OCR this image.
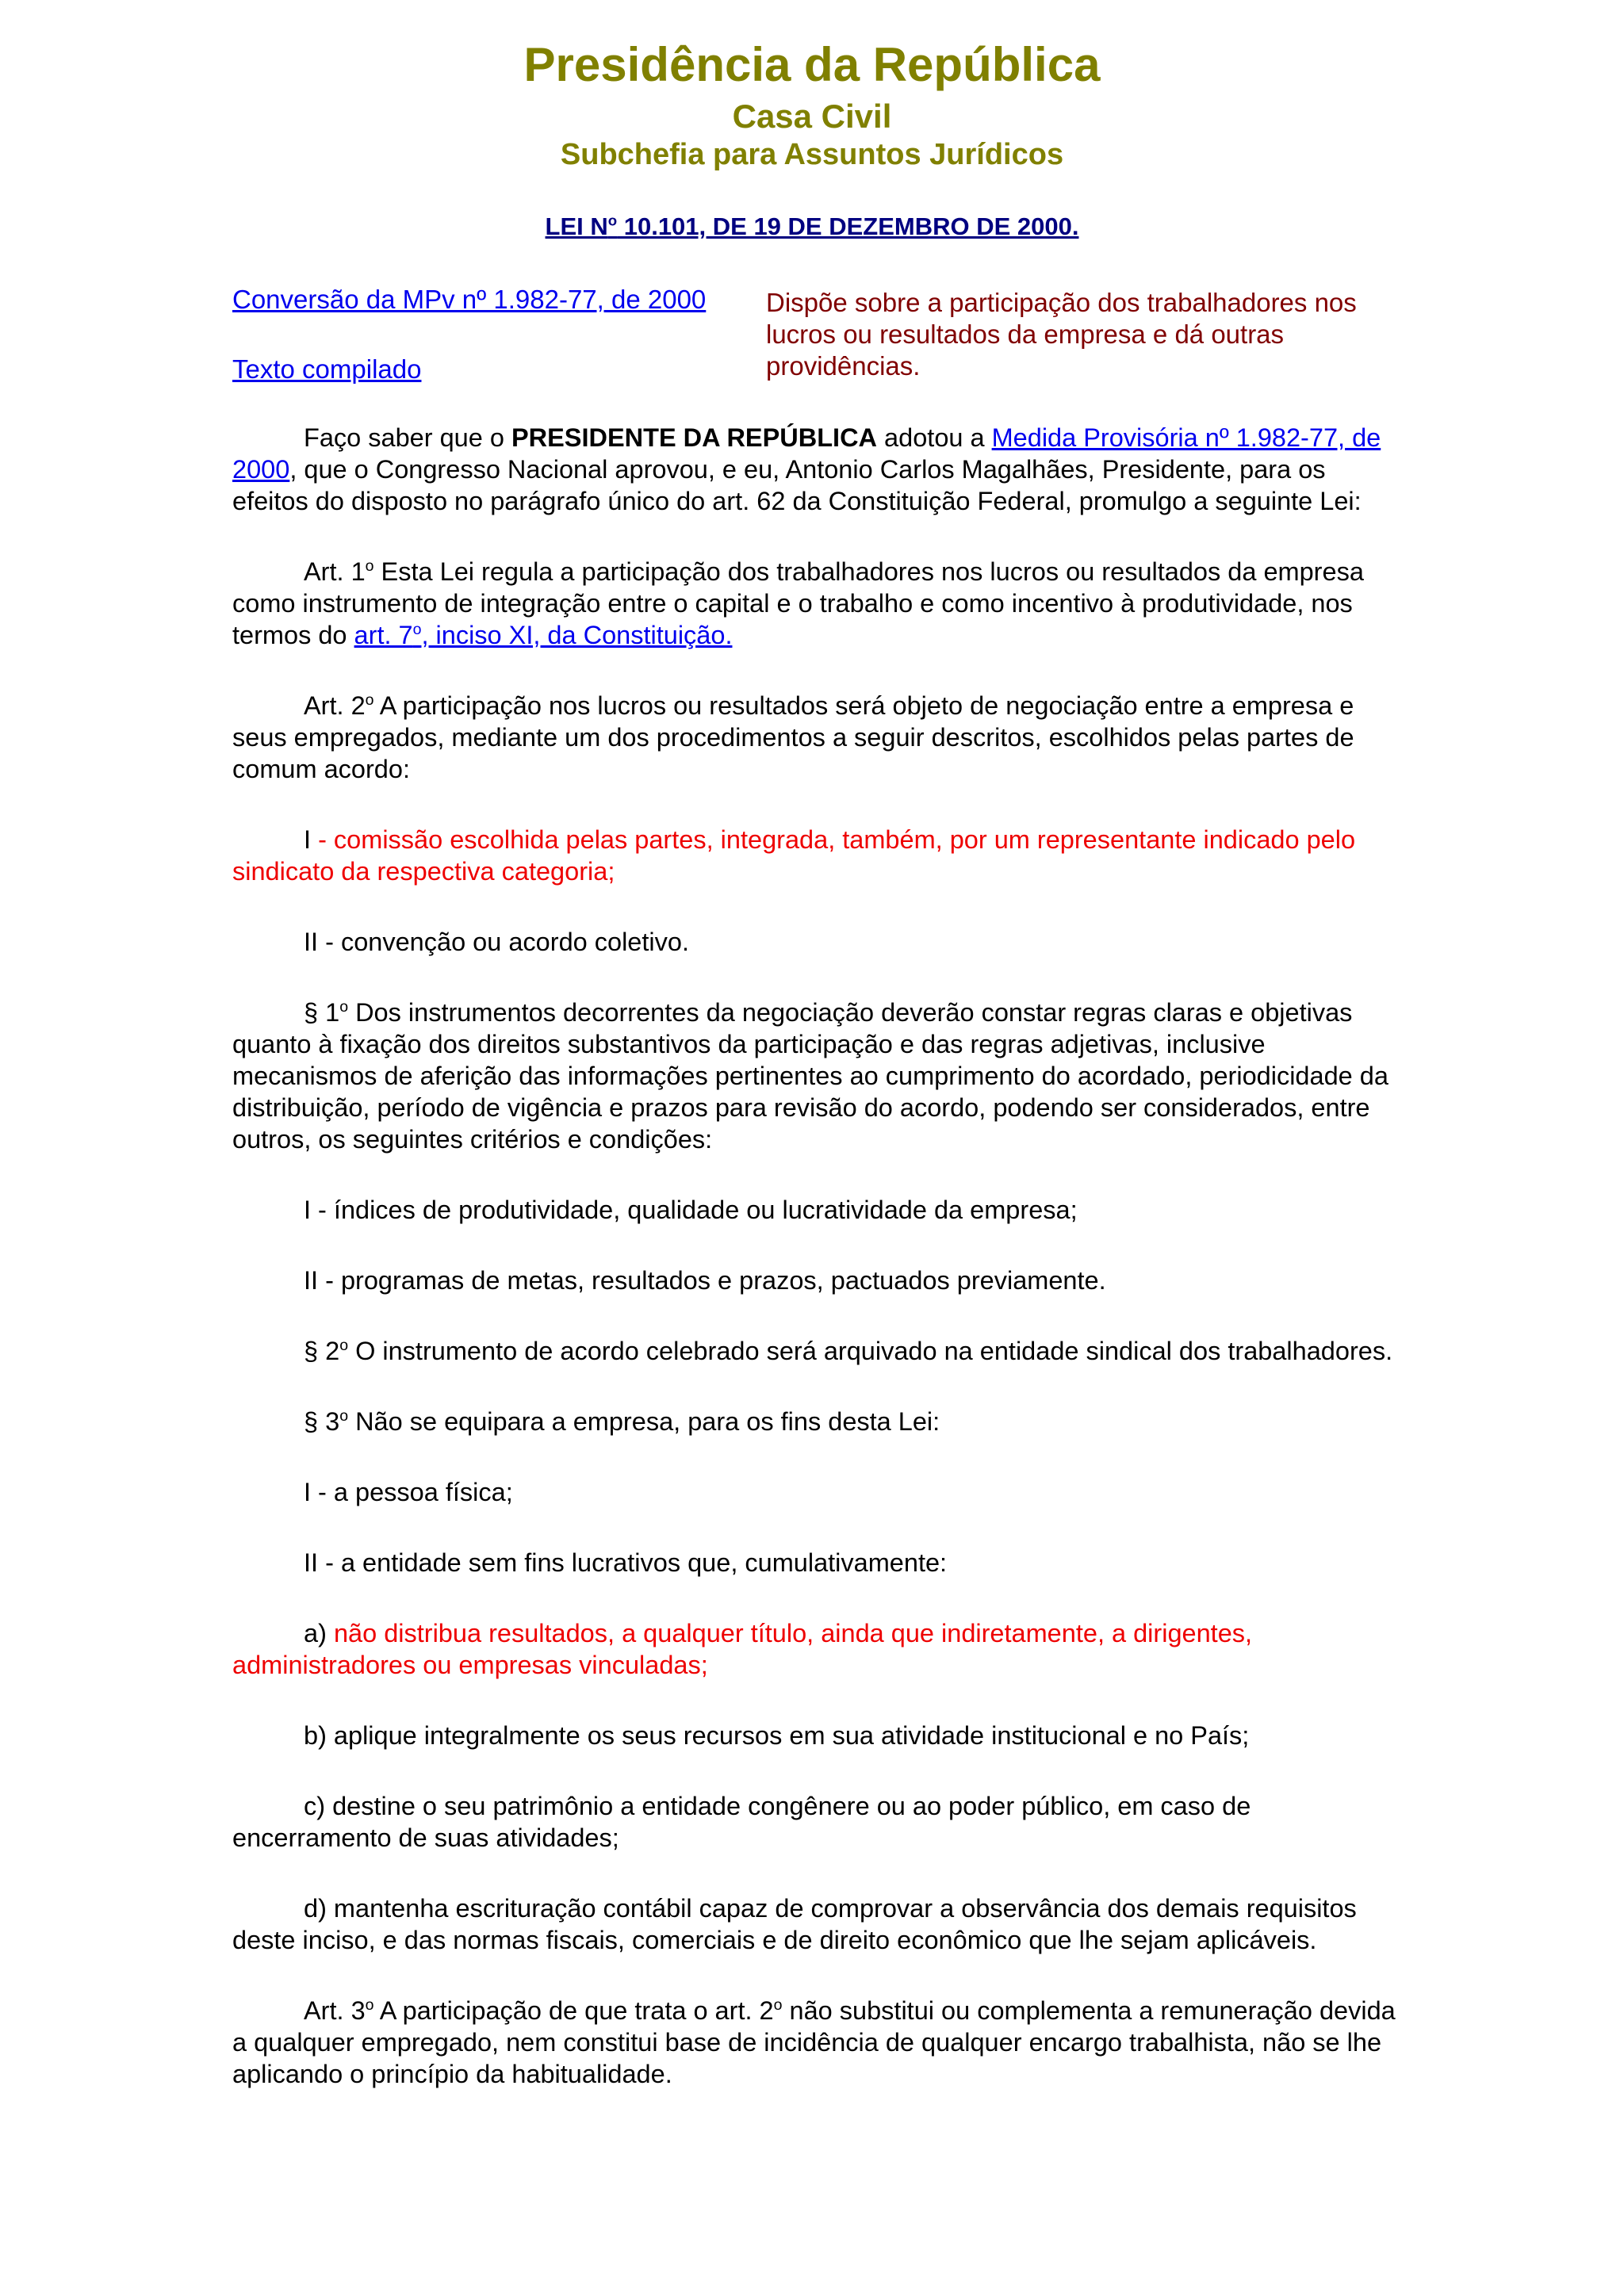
Presidência da República
Casa Civil
Subchefia para Assuntos Jurídicos
LEI N$^o$ 10.101, DE 19 DE DEZEMBRO DE 2000.
Conversão da MPv nº 1.982-77, de 2000
Texto compilado
Dispõe sobre a participação dos trabalhadores nos lucros ou resultados da empresa e dá outras providências.

Faço saber que o PRESIDENTE DA REPÚBLICA adotou a Medida Provisória nº 1.982-77, de 2000, que o Congresso Nacional aprovou, e eu, Antonio Carlos Magalhães, Presidente, para os efeitos do disposto no parágrafo único do art. 62 da Constituição Federal, promulgo a seguinte Lei:

Art. 1$^o$ Esta Lei regula a participação dos trabalhadores nos lucros ou resultados da empresa como instrumento de integração entre o capital e o trabalho e como incentivo à produtividade, nos termos do art. 7$^o$, inciso XI, da Constituição.

Art. 2$^o$ A participação nos lucros ou resultados será objeto de negociação entre a empresa e seus empregados, mediante um dos procedimentos a seguir descritos, escolhidos pelas partes de comum acordo:

I - comissão escolhida pelas partes, integrada, também, por um representante indicado pelo sindicato da respectiva categoria;

II - convenção ou acordo coletivo.

§ 1$^o$ Dos instrumentos decorrentes da negociação deverão constar regras claras e objetivas quanto à fixação dos direitos substantivos da participação e das regras adjetivas, inclusive mecanismos de aferição das informações pertinentes ao cumprimento do acordado, periodicidade da distribuição, período de vigência e prazos para revisão do acordo, podendo ser considerados, entre outros, os seguintes critérios e condições:

I - índices de produtividade, qualidade ou lucratividade da empresa;

II - programas de metas, resultados e prazos, pactuados previamente.

§ 2$^o$ O instrumento de acordo celebrado será arquivado na entidade sindical dos trabalhadores.

§ 3$^o$ Não se equipara a empresa, para os fins desta Lei:

I - a pessoa física;

II - a entidade sem fins lucrativos que, cumulativamente:

a) não distribua resultados, a qualquer título, ainda que indiretamente, a dirigentes, administradores ou empresas vinculadas;

b) aplique integralmente os seus recursos em sua atividade institucional e no País;

c) destine o seu patrimônio a entidade congênere ou ao poder público, em caso de encerramento de suas atividades;

d) mantenha escrituração contábil capaz de comprovar a observância dos demais requisitos deste inciso, e das normas fiscais, comerciais e de direito econômico que lhe sejam aplicáveis.

Art. 3$^o$ A participação de que trata o art. 2$^o$ não substitui ou complementa a remuneração devida a qualquer empregado, nem constitui base de incidência de qualquer encargo trabalhista, não se lhe aplicando o princípio da habitualidade.
